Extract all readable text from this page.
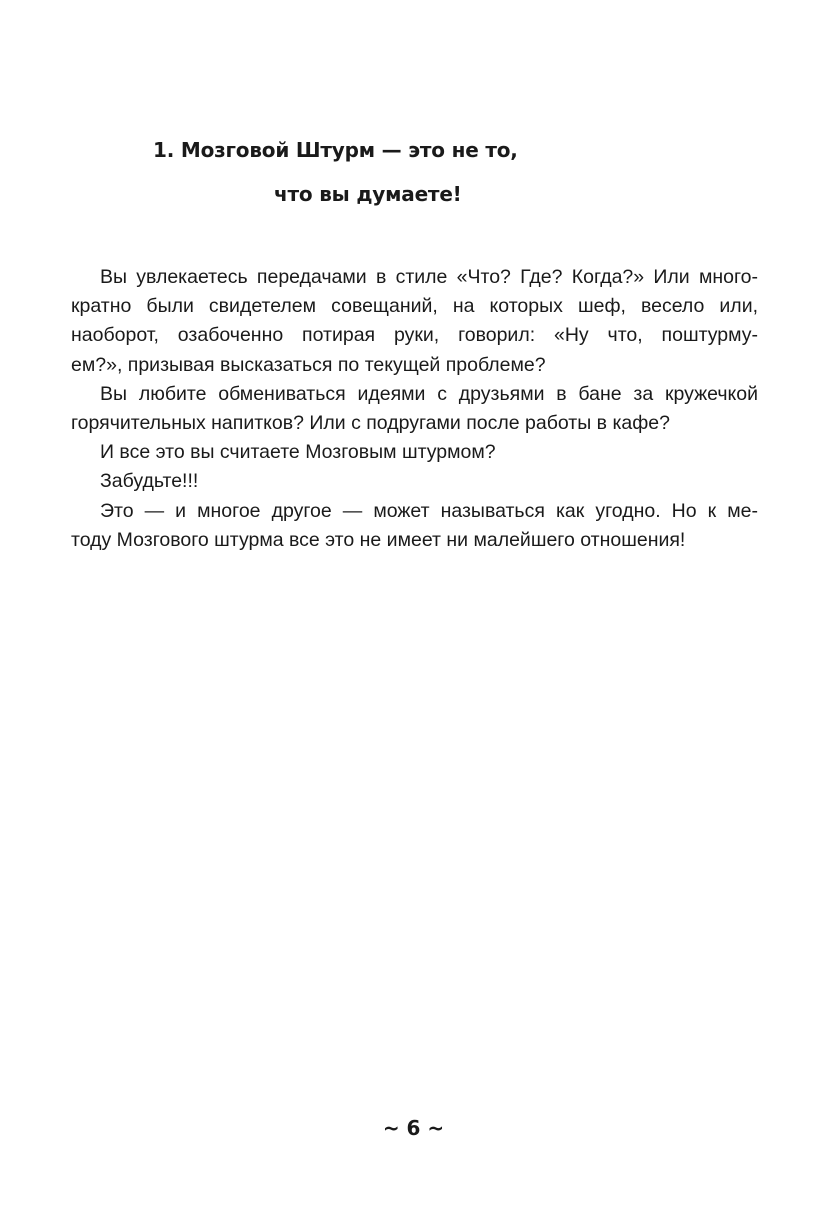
1. Мозговой Штурм — это не то,
что вы думаете!
Вы увлекаетесь передачами в стиле «Что? Где? Когда?» Или много-
кратно были свидетелем совещаний, на которых шеф, весело или,
наоборот, озабоченно потирая руки, говорил: «Ну что, поштурму-
ем?», призывая высказаться по текущей проблеме?
Вы любите обмениваться идеями с друзьями в бане за кружечкой
горячительных напитков? Или с подругами после работы в кафе?
И все это вы считаете Мозговым штурмом?
Забудьте!!!
Это — и многое другое — может называться как угодно. Но к ме-
тоду Мозгового штурма все это не имеет ни малейшего отношения!
~ 6 ~
